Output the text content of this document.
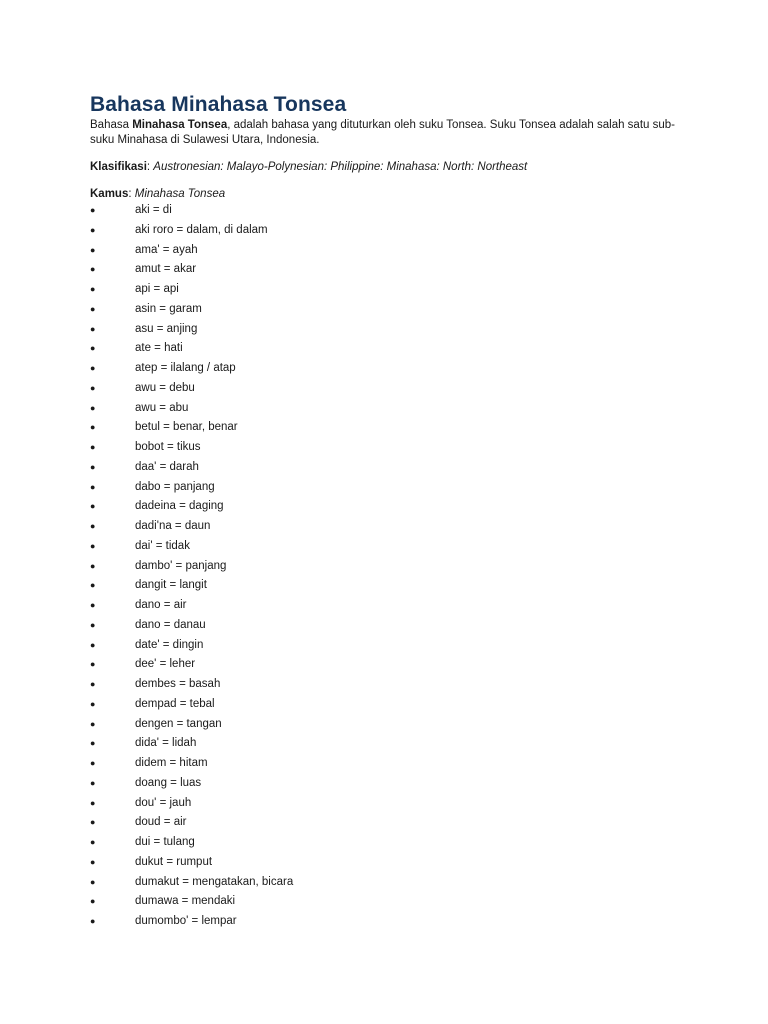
Bahasa Minahasa Tonsea

Bahasa Minahasa Tonsea, adalah bahasa yang dituturkan oleh suku Tonsea. Suku Tonsea adalah salah satu sub-suku Minahasa di Sulawesi Utara, Indonesia.

Klasifikasi: Austronesian: Malayo-Polynesian: Philippine: Minahasa: North: Northeast
Kamus: Minahasa Tonsea
●	aki = di
●	aki roro = dalam, di dalam
●	ama' = ayah
●	amut = akar
●	api = api
●	asin = garam
●	asu = anjing
●	ate = hati
●	atep = ilalang / atap
●	awu = debu
●	awu = abu
●	betul = benar, benar
●	bobot = tikus
●	daa' = darah
●	dabo = panjang
●	dadeina = daging
●	dadi'na = daun
●	dai' = tidak
●	dambo' = panjang
●	dangit = langit
●	dano = air
●	dano = danau
●	date' = dingin
●	dee' = leher
●	dembes = basah
●	dempad = tebal
●	dengen = tangan
●	dida' = lidah
●	didem = hitam
●	doang = luas
●	dou' = jauh
●	doud = air
●	dui = tulang
●	dukut = rumput
●	dumakut = mengatakan, bicara
●	dumawa = mendaki
●	dumombo' = lempar
